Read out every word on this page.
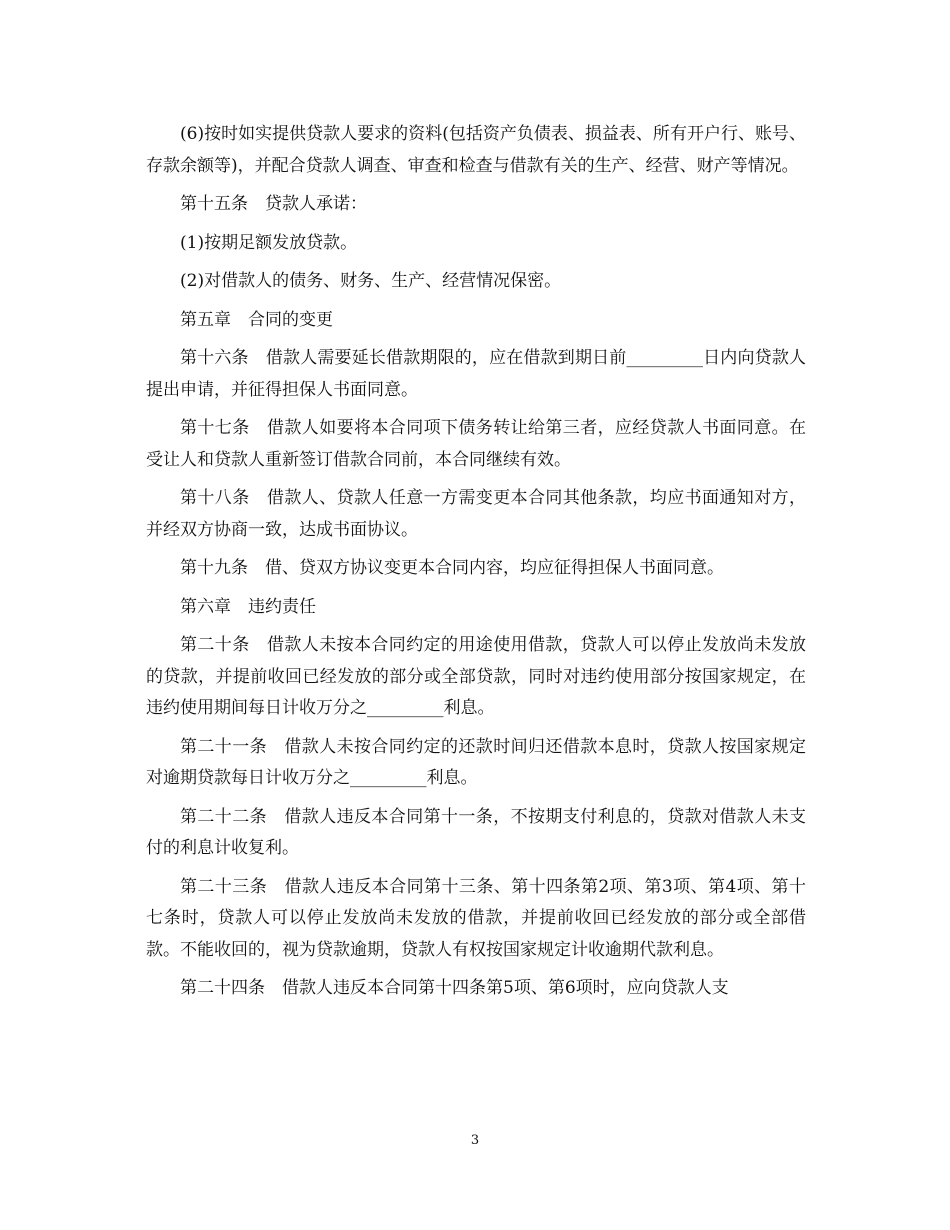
(6)按时如实提供贷款人要求的资料(包括资产负债表、损益表、所有开户行、账号、存款余额等)，并配合贷款人调查、审查和检查与借款有关的生产、经营、财产等情况。

第十五条　贷款人承诺：

(1)按期足额发放贷款。

(2)对借款人的债务、财务、生产、经营情况保密。

第五章　合同的变更

第十六条　借款人需要延长借款期限的，应在借款到期日前_________日内向贷款人提出申请，并征得担保人书面同意。

第十七条　借款人如要将本合同项下债务转让给第三者，应经贷款人书面同意。在受让人和贷款人重新签订借款合同前，本合同继续有效。

第十八条　借款人、贷款人任意一方需变更本合同其他条款，均应书面通知对方，并经双方协商一致，达成书面协议。

第十九条　借、贷双方协议变更本合同内容，均应征得担保人书面同意。

第六章　违约责任

第二十条　借款人未按本合同约定的用途使用借款，贷款人可以停止发放尚未发放的贷款，并提前收回已经发放的部分或全部贷款，同时对违约使用部分按国家规定，在违约使用期间每日计收万分之_________利息。

第二十一条　借款人未按合同约定的还款时间归还借款本息时，贷款人按国家规定对逾期贷款每日计收万分之_________利息。

第二十二条　借款人违反本合同第十一条，不按期支付利息的，贷款对借款人未支付的利息计收复利。

第二十三条　借款人违反本合同第十三条、第十四条第2项、第3项、第4项、第十七条时，贷款人可以停止发放尚未发放的借款，并提前收回已经发放的部分或全部借款。不能收回的，视为贷款逾期，贷款人有权按国家规定计收逾期代款利息。

第二十四条　借款人违反本合同第十四条第5项、第6项时，应向贷款人支

3
